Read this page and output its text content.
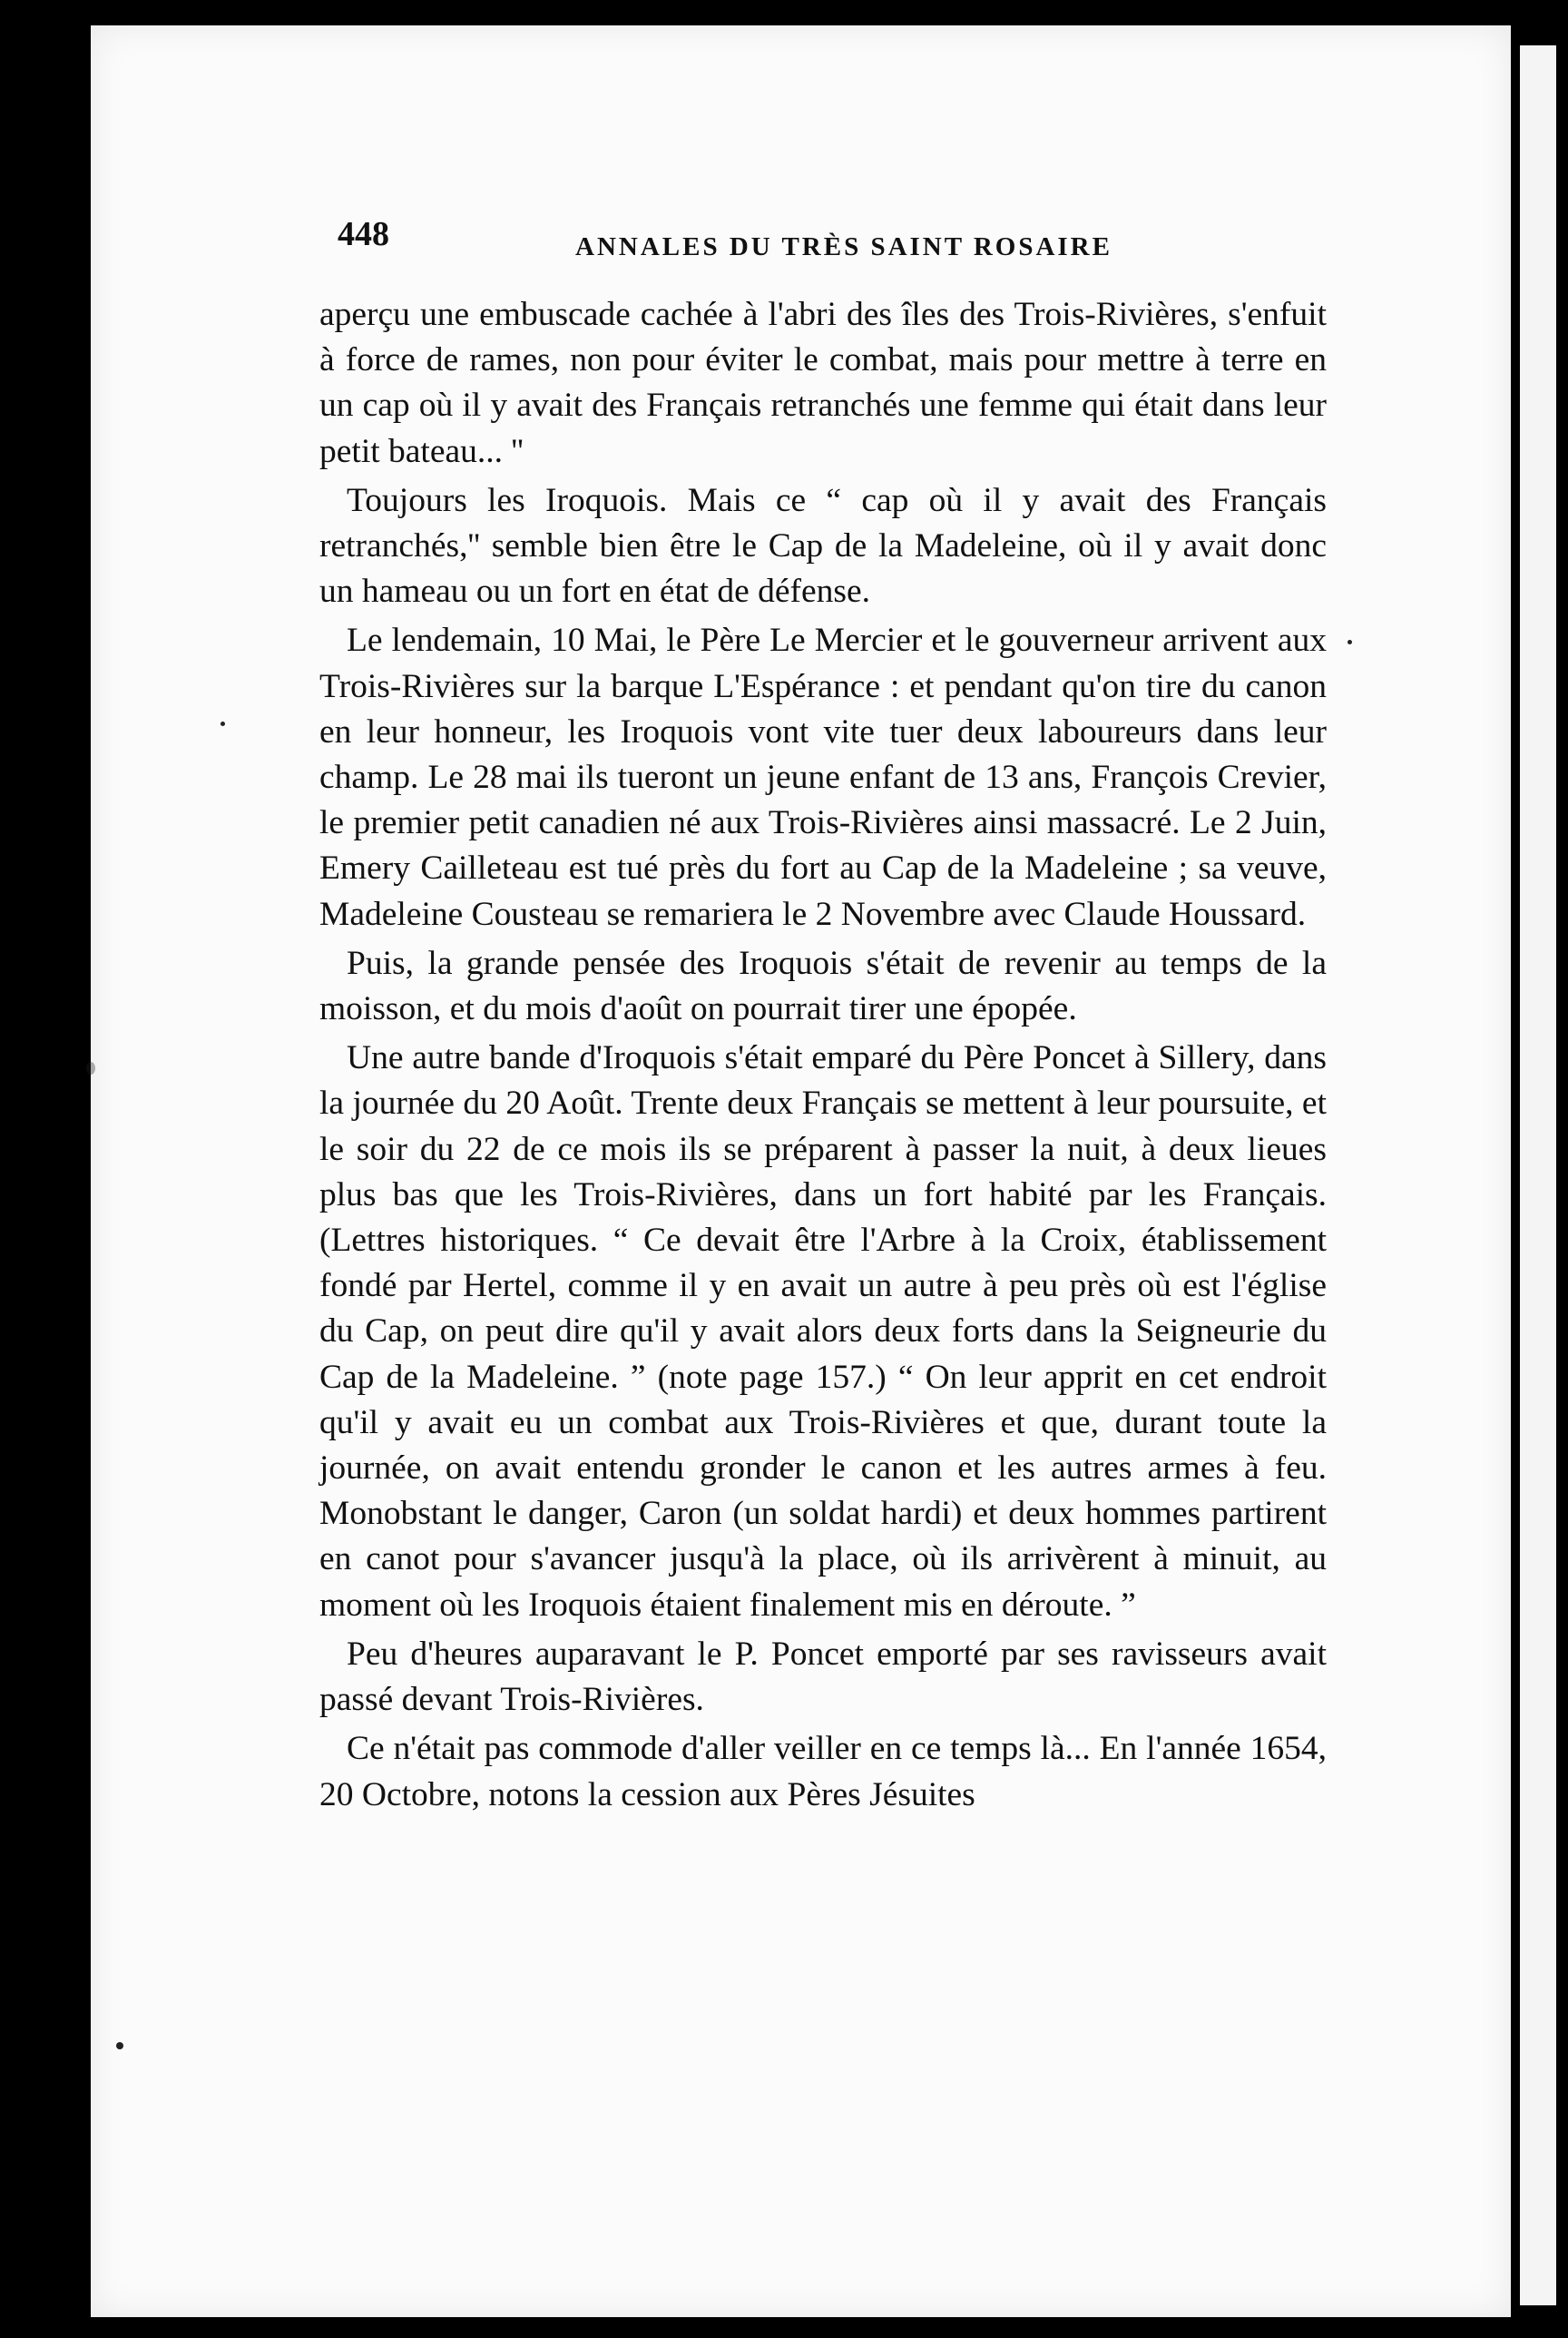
448	ANNALES DU TRÈS SAINT ROSAIRE

aperçu une embuscade cachée à l'abri des îles des Trois-Rivières, s'enfuit à force de rames, non pour éviter le combat, mais pour mettre à terre en un cap où il y avait des Français retranchés une femme qui était dans leur petit bateau... ''

Toujours les Iroquois. Mais ce “ cap où il y avait des Français retranchés,'' semble bien être le Cap de la Madeleine, où il y avait donc un hameau ou un fort en état de défense.

Le lendemain, 10 Mai, le Père Le Mercier et le gouverneur arrivent aux Trois-Rivières sur la barque L'Espérance : et pendant qu'on tire du canon en leur honneur, les Iroquois vont vite tuer deux laboureurs dans leur champ. Le 28 mai ils tueront un jeune enfant de 13 ans, François Crevier, le premier petit canadien né aux Trois-Rivières ainsi massacré. Le 2 Juin, Emery Cailleteau est tué près du fort au Cap de la Madeleine ; sa veuve, Madeleine Cousteau se remariera le 2 Novembre avec Claude Houssard.

Puis, la grande pensée des Iroquois s'était de revenir au temps de la moisson, et du mois d'août on pourrait tirer une épopée.

Une autre bande d'Iroquois s'était emparé du Père Poncet à Sillery, dans la journée du 20 Août. Trente deux Français se mettent à leur poursuite, et le soir du 22 de ce mois ils se préparent à passer la nuit, à deux lieues plus bas que les Trois-Rivières, dans un fort habité par les Français. (Lettres historiques. “ Ce devait être l'Arbre à la Croix, établissement fondé par Hertel, comme il y en avait un autre à peu près où est l'église du Cap, on peut dire qu'il y avait alors deux forts dans la Seigneurie du Cap de la Madeleine. ” (note page 157.) “ On leur apprit en cet endroit qu'il y avait eu un combat aux Trois-Rivières et que, durant toute la journée, on avait entendu gronder le canon et les autres armes à feu. Monobstant le danger, Caron (un soldat hardi) et deux hommes partirent en canot pour s'avancer jusqu'à la place, où ils arrivèrent à minuit, au moment où les Iroquois étaient finalement mis en déroute. ”

Peu d'heures auparavant le P. Poncet emporté par ses ravisseurs avait passé devant Trois-Rivières.

Ce n'était pas commode d'aller veiller en ce temps là... En l'année 1654, 20 Octobre, notons la cession aux Pères Jésuites
